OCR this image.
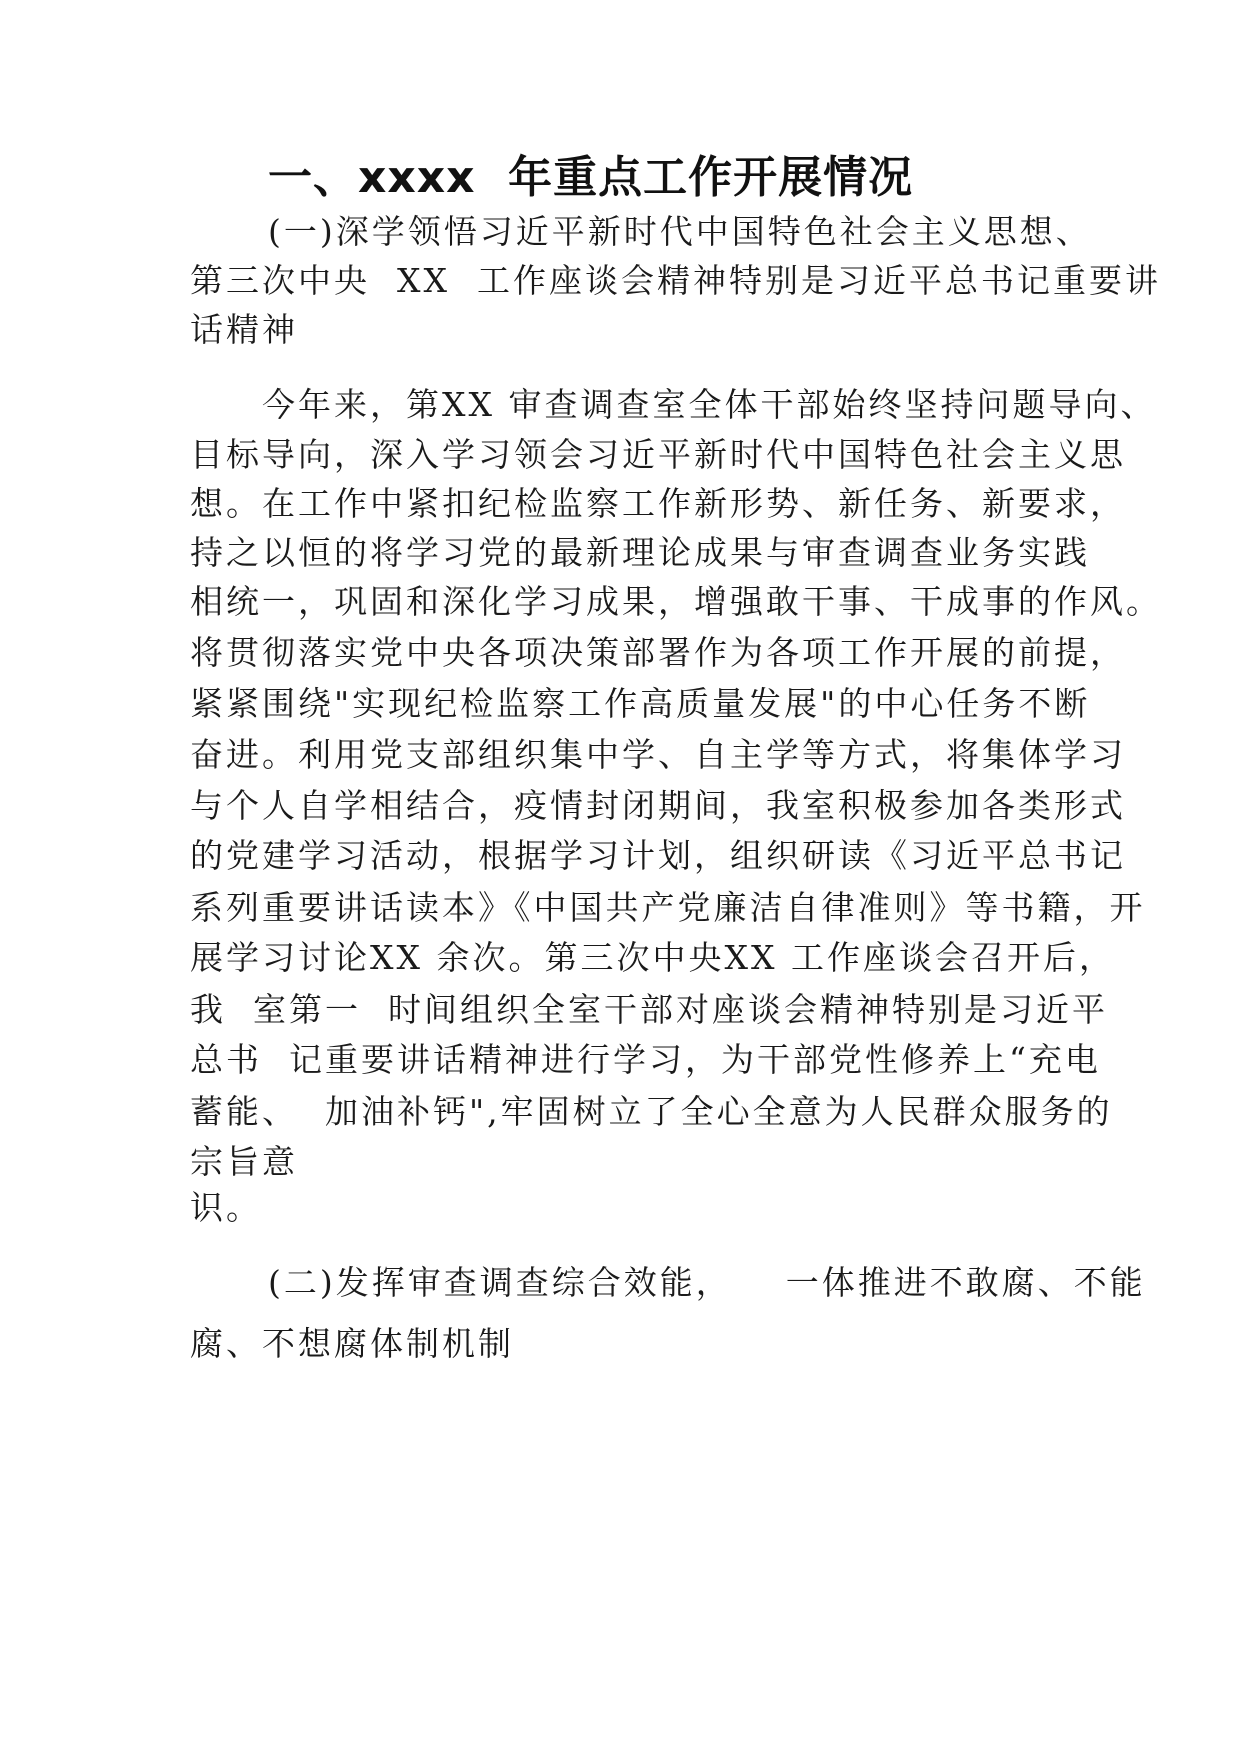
一、xxxx  年重点工作开展情况
(一)深学领悟习近平新时代中国特色社会主义思想、
第三次中央  XX  工作座谈会精神特别是习近平总书记重要讲
话精神
今年来，第XX 审查调查室全体干部始终坚持问题导向、
目标导向，深入学习领会习近平新时代中国特色社会主义思
想。在工作中紧扣纪检监察工作新形势、新任务、新要求，
持之以恒的将学习党的最新理论成果与审查调查业务实践
相统一，巩固和深化学习成果，增强敢干事、干成事的作风。
将贯彻落实党中央各项决策部署作为各项工作开展的前提，
紧紧围绕"实现纪检监察工作高质量发展"的中心任务不断
奋进。利用党支部组织集中学、自主学等方式，将集体学习
与个人自学相结合，疫情封闭期间，我室积极参加各类形式
的党建学习活动，根据学习计划，组织研读《习近平总书记
系列重要讲话读本》《中国共产党廉洁自律准则》等书籍，开
展学习讨论XX 余次。第三次中央XX 工作座谈会召开后，
我  室第一  时间组织全室干部对座谈会精神特别是习近平
总书  记重要讲话精神进行学习，为干部党性修养上“充电
蓄能、  加油补钙",牢固树立了全心全意为人民群众服务的
宗旨意
识。
(二)发挥审查调查综合效能，    一体推进不敢腐、不能
腐、不想腐体制机制
